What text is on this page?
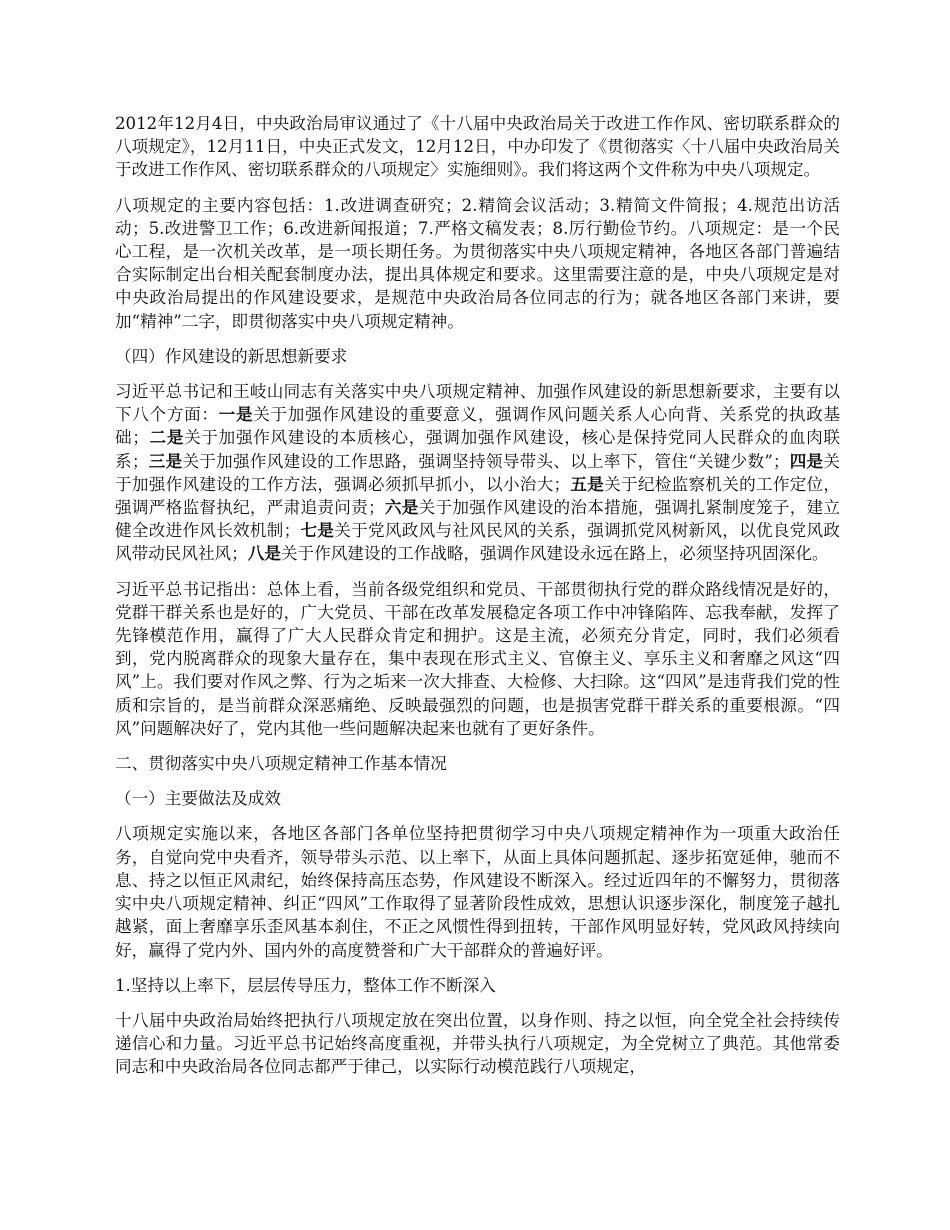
2012年12月4日，中央政治局审议通过了《十八届中央政治局关于改进工作作风、密切联系群众的八项规定》，12月11日，中央正式发文，12月12日，中办印发了《贯彻落实〈十八届中央政治局关于改进工作作风、密切联系群众的八项规定〉实施细则》。我们将这两个文件称为中央八项规定。

八项规定的主要内容包括：1.改进调查研究；2.精简会议活动；3.精简文件简报；4.规范出访活动；5.改进警卫工作；6.改进新闻报道；7.严格文稿发表；8.厉行勤俭节约。八项规定：是一个民心工程，是一次机关改革，是一项长期任务。为贯彻落实中央八项规定精神，各地区各部门普遍结合实际制定出台相关配套制度办法，提出具体规定和要求。这里需要注意的是，中央八项规定是对中央政治局提出的作风建设要求，是规范中央政治局各位同志的行为；就各地区各部门来讲，要加“精神”二字，即贯彻落实中央八项规定精神。

（四）作风建设的新思想新要求

习近平总书记和王岐山同志有关落实中央八项规定精神、加强作风建设的新思想新要求，主要有以下八个方面：一是关于加强作风建设的重要意义，强调作风问题关系人心向背、关系党的执政基础；二是关于加强作风建设的本质核心，强调加强作风建设，核心是保持党同人民群众的血肉联系；三是关于加强作风建设的工作思路，强调坚持领导带头、以上率下，管住“关键少数”；四是关于加强作风建设的工作方法，强调必须抓早抓小，以小治大；五是关于纪检监察机关的工作定位，强调严格监督执纪，严肃追责问责；六是关于加强作风建设的治本措施，强调扎紧制度笼子，建立健全改进作风长效机制；七是关于党风政风与社风民风的关系，强调抓党风树新风，以优良党风政风带动民风社风；八是关于作风建设的工作战略，强调作风建设永远在路上，必须坚持巩固深化。

习近平总书记指出：总体上看，当前各级党组织和党员、干部贯彻执行党的群众路线情况是好的，党群干群关系也是好的，广大党员、干部在改革发展稳定各项工作中冲锋陷阵、忘我奉献，发挥了先锋模范作用，赢得了广大人民群众肯定和拥护。这是主流，必须充分肯定，同时，我们必须看到，党内脱离群众的现象大量存在，集中表现在形式主义、官僚主义、享乐主义和奢靡之风这“四风”上。我们要对作风之弊、行为之垢来一次大排查、大检修、大扫除。这“四风”是违背我们党的性质和宗旨的，是当前群众深恶痛绝、反映最强烈的问题，也是损害党群干群关系的重要根源。“四风”问题解决好了，党内其他一些问题解决起来也就有了更好条件。

二、贯彻落实中央八项规定精神工作基本情况

（一）主要做法及成效

八项规定实施以来，各地区各部门各单位坚持把贯彻学习中央八项规定精神作为一项重大政治任务，自觉向党中央看齐，领导带头示范、以上率下，从面上具体问题抓起、逐步拓宽延伸，驰而不息、持之以恒正风肃纪，始终保持高压态势，作风建设不断深入。经过近四年的不懈努力，贯彻落实中央八项规定精神、纠正“四风”工作取得了显著阶段性成效，思想认识逐步深化，制度笼子越扎越紧，面上奢靡享乐歪风基本刹住，不正之风惯性得到扭转，干部作风明显好转，党风政风持续向好，赢得了党内外、国内外的高度赞誉和广大干部群众的普遍好评。

1.坚持以上率下，层层传导压力，整体工作不断深入

十八届中央政治局始终把执行八项规定放在突出位置，以身作则、持之以恒，向全党全社会持续传递信心和力量。习近平总书记始终高度重视，并带头执行八项规定，为全党树立了典范。其他常委同志和中央政治局各位同志都严于律己，以实际行动模范践行八项规定，
